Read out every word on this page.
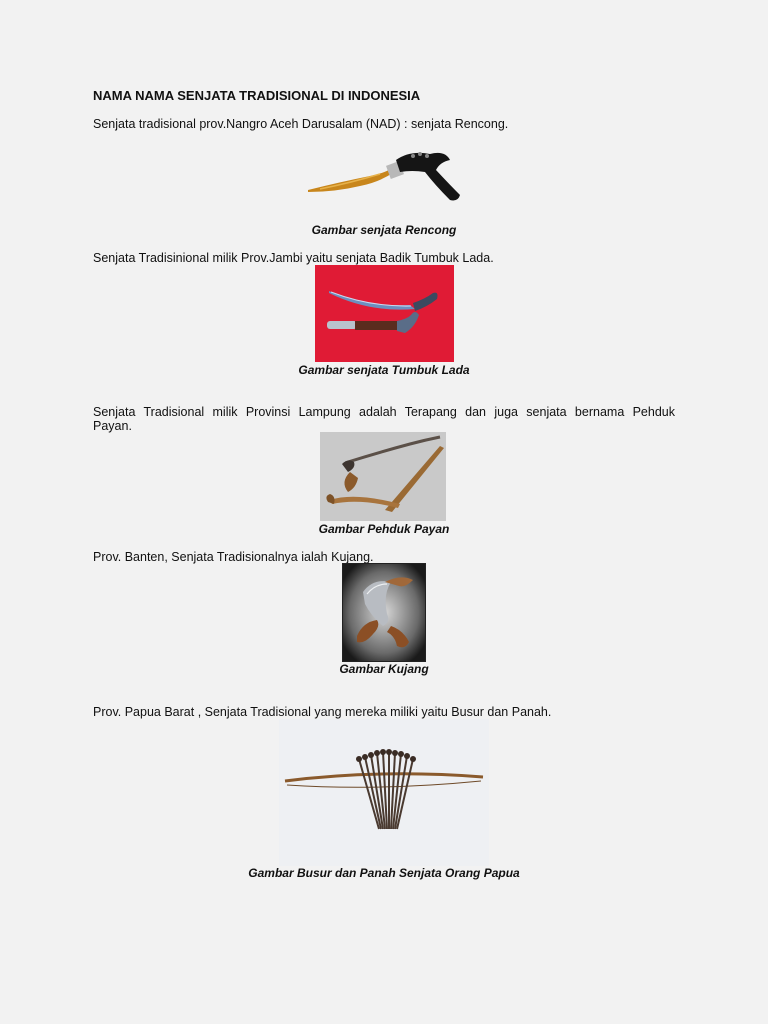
NAMA NAMA SENJATA TRADISIONAL DI INDONESIA
Senjata tradisional prov.Nangro Aceh Darusalam (NAD) : senjata Rencong.
Gambar senjata Rencong
Senjata Tradisinional milik Prov.Jambi yaitu senjata Badik Tumbuk Lada.
Gambar senjata Tumbuk Lada
Senjata Tradisional milik Provinsi Lampung adalah Terapang dan juga senjata bernama Pehduk
Payan.
Gambar Pehduk Payan
Prov. Banten, Senjata Tradisionalnya ialah Kujang.
Gambar Kujang
Prov. Papua Barat , Senjata Tradisional yang mereka miliki yaitu Busur dan Panah.
Gambar Busur dan Panah Senjata Orang Papua
